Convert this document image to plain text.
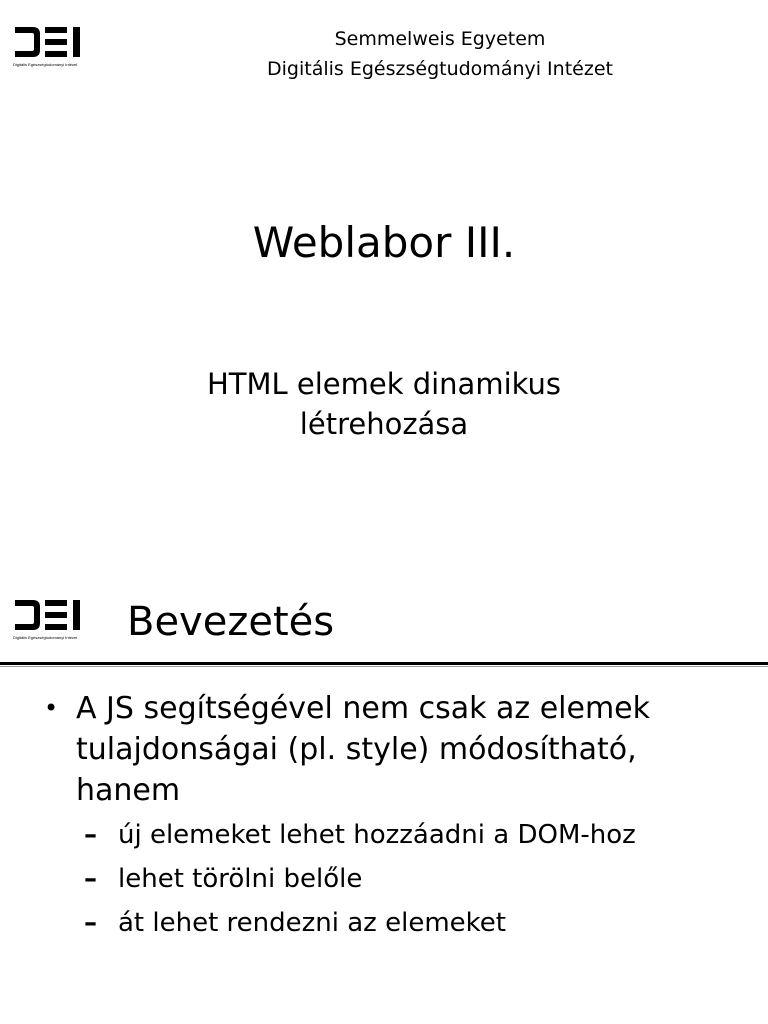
Digitális Egészségtudományi Intézet
Semmelweis Egyetem
Digitális Egészségtudományi Intézet
Weblabor III.
HTML elemek dinamikus
létrehozása
Digitális Egészségtudományi Intézet	Bevezetés
• A JS segítségével nem csak az elemek
tulajdonságai (pl. style) módosítható,
hanem
– új elemeket lehet hozzáadni a DOM-hoz
– lehet törölni belőle
– át lehet rendezni az elemeket
